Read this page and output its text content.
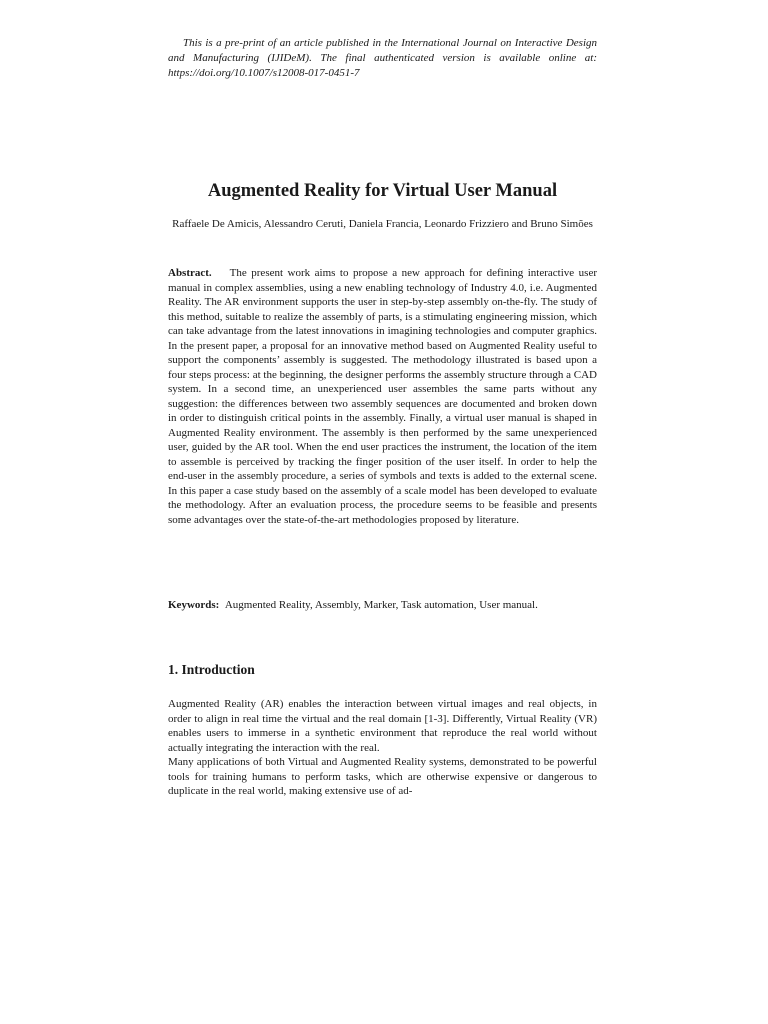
This is a pre-print of an article published in the International Journal on Interactive Design and Manufacturing (IJIDeM). The final authenticated version is available online at: https://doi.org/10.1007/s12008-017-0451-7
Augmented Reality for Virtual User Manual
Raffaele De Amicis, Alessandro Ceruti, Daniela Francia, Leonardo Frizziero and Bruno Simões
Abstract. The present work aims to propose a new approach for defining interactive user manual in complex assemblies, using a new enabling technology of Industry 4.0, i.e. Augmented Reality. The AR environment supports the user in step-by-step assembly on-the-fly. The study of this method, suitable to realize the assembly of parts, is a stimulating engineering mission, which can take advantage from the latest innovations in imagining technologies and computer graphics. In the present paper, a proposal for an innovative method based on Augmented Reality useful to support the components’ assembly is suggested. The methodology illustrated is based upon a four steps process: at the beginning, the designer performs the assembly structure through a CAD system. In a second time, an unexperienced user assembles the same parts without any suggestion: the differences between two assembly sequences are documented and broken down in order to distinguish critical points in the assembly. Finally, a virtual user manual is shaped in Augmented Reality environment. The assembly is then performed by the same unexperienced user, guided by the AR tool. When the end user practices the instrument, the location of the item to assemble is perceived by tracking the finger position of the user itself. In order to help the end-user in the assembly procedure, a series of symbols and texts is added to the external scene. In this paper a case study based on the assembly of a scale model has been developed to evaluate the methodology. After an evaluation process, the procedure seems to be feasible and presents some advantages over the state-of-the-art methodologies proposed by literature.
Keywords: Augmented Reality, Assembly, Marker, Task automation, User manual.
1. Introduction

Augmented Reality (AR) enables the interaction between virtual images and real objects, in order to align in real time the virtual and the real domain [1-3]. Differently, Virtual Reality (VR) enables users to immerse in a synthetic environment that reproduce the real world without actually integrating the interaction with the real.

Many applications of both Virtual and Augmented Reality systems, demonstrated to be powerful tools for training humans to perform tasks, which are otherwise expensive or dangerous to duplicate in the real world, making extensive use of ad-
